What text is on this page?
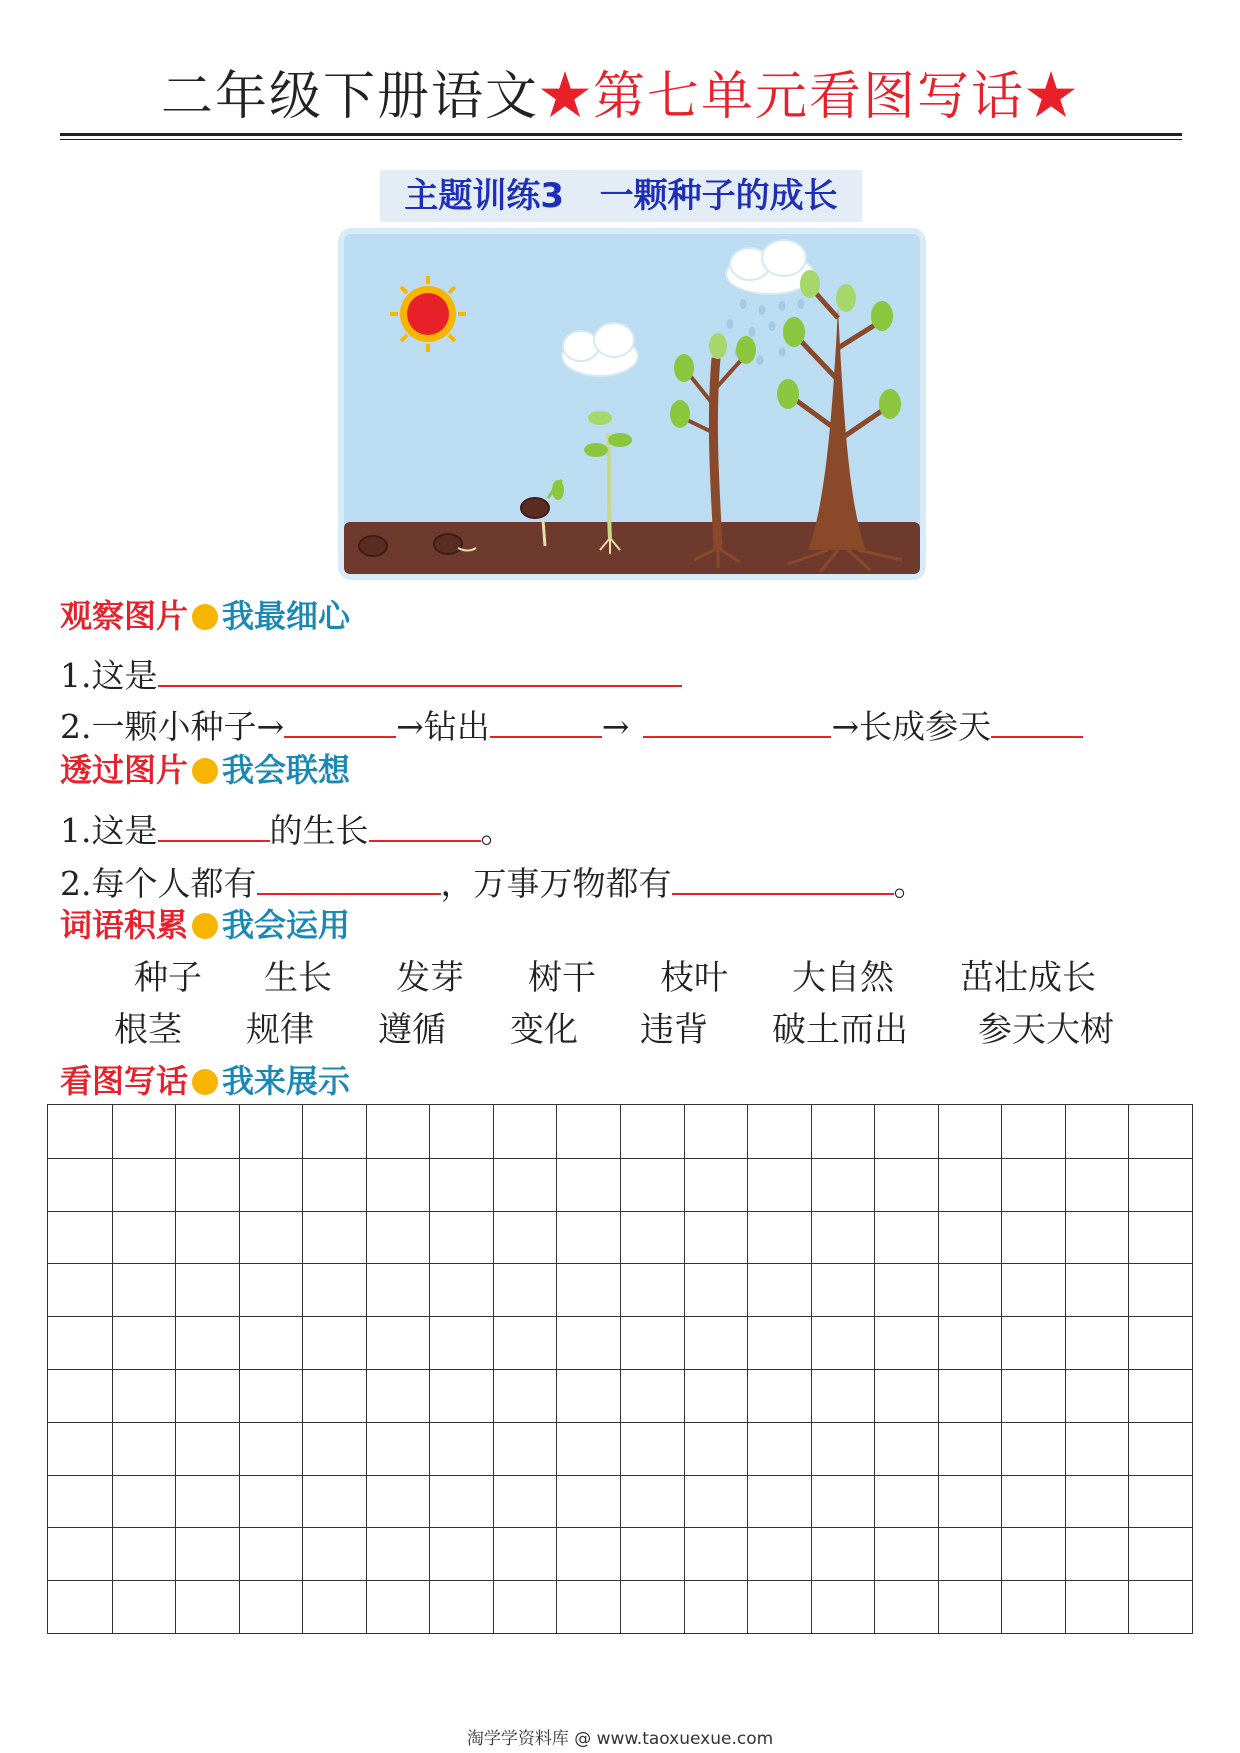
二年级下册语文★第七单元看图写话★
主题训练3   一颗种子的成长
观察图片 我最细心
1.这是
2.一颗小种子→	→钻出	→	→长成参天
透过图片 我会联想
1.这是	的生长	。
2.每个人都有	，万事万物都有	。
词语积累 我会运用
种子 生长 发芽 树干 枝叶 大自然 茁壮成长
根茎 规律 遵循 变化 违背 破土而出 参天大树
看图写话 我来展示
淘学学资料库 @ www.taoxuexue.com
